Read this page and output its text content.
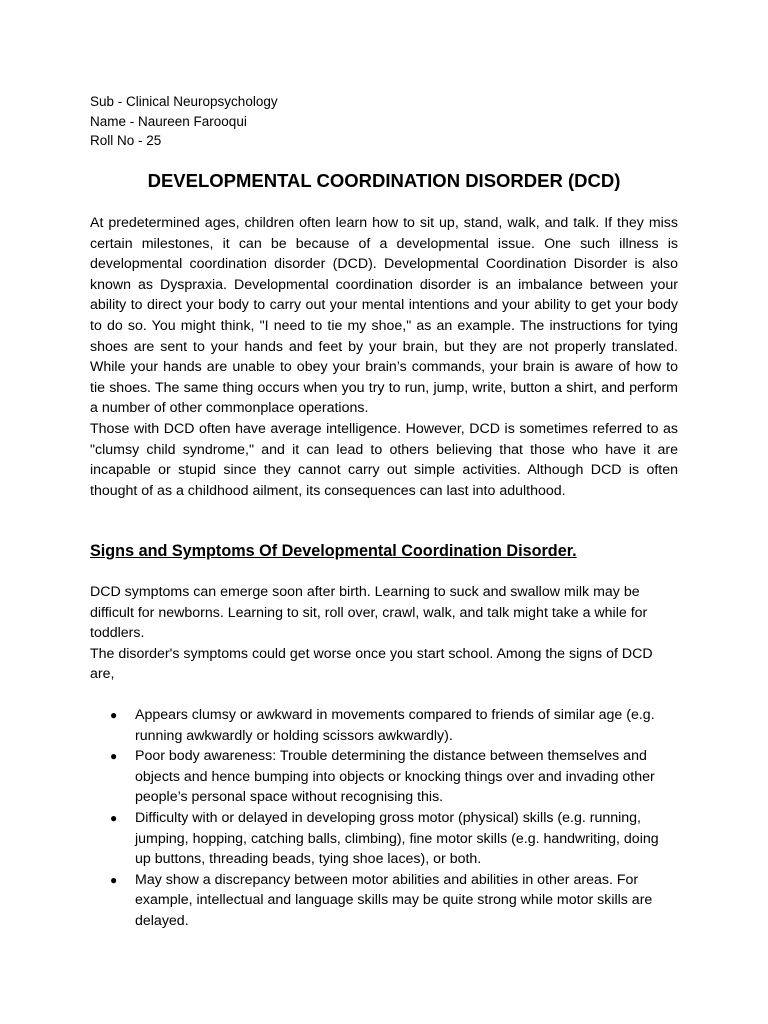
Sub - Clinical Neuropsychology
Name - Naureen Farooqui
Roll No - 25
DEVELOPMENTAL COORDINATION DISORDER (DCD)

At predetermined ages, children often learn how to sit up, stand, walk, and talk. If they miss certain milestones, it can be because of a developmental issue. One such illness is developmental coordination disorder (DCD). Developmental Coordination Disorder is also known as Dyspraxia. Developmental coordination disorder is an imbalance between your ability to direct your body to carry out your mental intentions and your ability to get your body to do so. You might think, "I need to tie my shoe," as an example. The instructions for tying shoes are sent to your hands and feet by your brain, but they are not properly translated. While your hands are unable to obey your brain’s commands, your brain is aware of how to tie shoes. The same thing occurs when you try to run, jump, write, button a shirt, and perform a number of other commonplace operations.

Those with DCD often have average intelligence. However, DCD is sometimes referred to as "clumsy child syndrome," and it can lead to others believing that those who have it are incapable or stupid since they cannot carry out simple activities. Although DCD is often thought of as a childhood ailment, its consequences can last into adulthood.

Signs and Symptoms Of Developmental Coordination Disorder.

DCD symptoms can emerge soon after birth. Learning to suck and swallow milk may be difficult for newborns. Learning to sit, roll over, crawl, walk, and talk might take a while for toddlers.

The disorder's symptoms could get worse once you start school. Among the signs of DCD are,

● Appears clumsy or awkward in movements compared to friends of similar age (e.g. running awkwardly or holding scissors awkwardly).
● Poor body awareness: Trouble determining the distance between themselves and objects and hence bumping into objects or knocking things over and invading other people’s personal space without recognising this.
● Difficulty with or delayed in developing gross motor (physical) skills (e.g. running, jumping, hopping, catching balls, climbing), fine motor skills (e.g. handwriting, doing up buttons, threading beads, tying shoe laces), or both.
● May show a discrepancy between motor abilities and abilities in other areas. For example, intellectual and language skills may be quite strong while motor skills are delayed.
